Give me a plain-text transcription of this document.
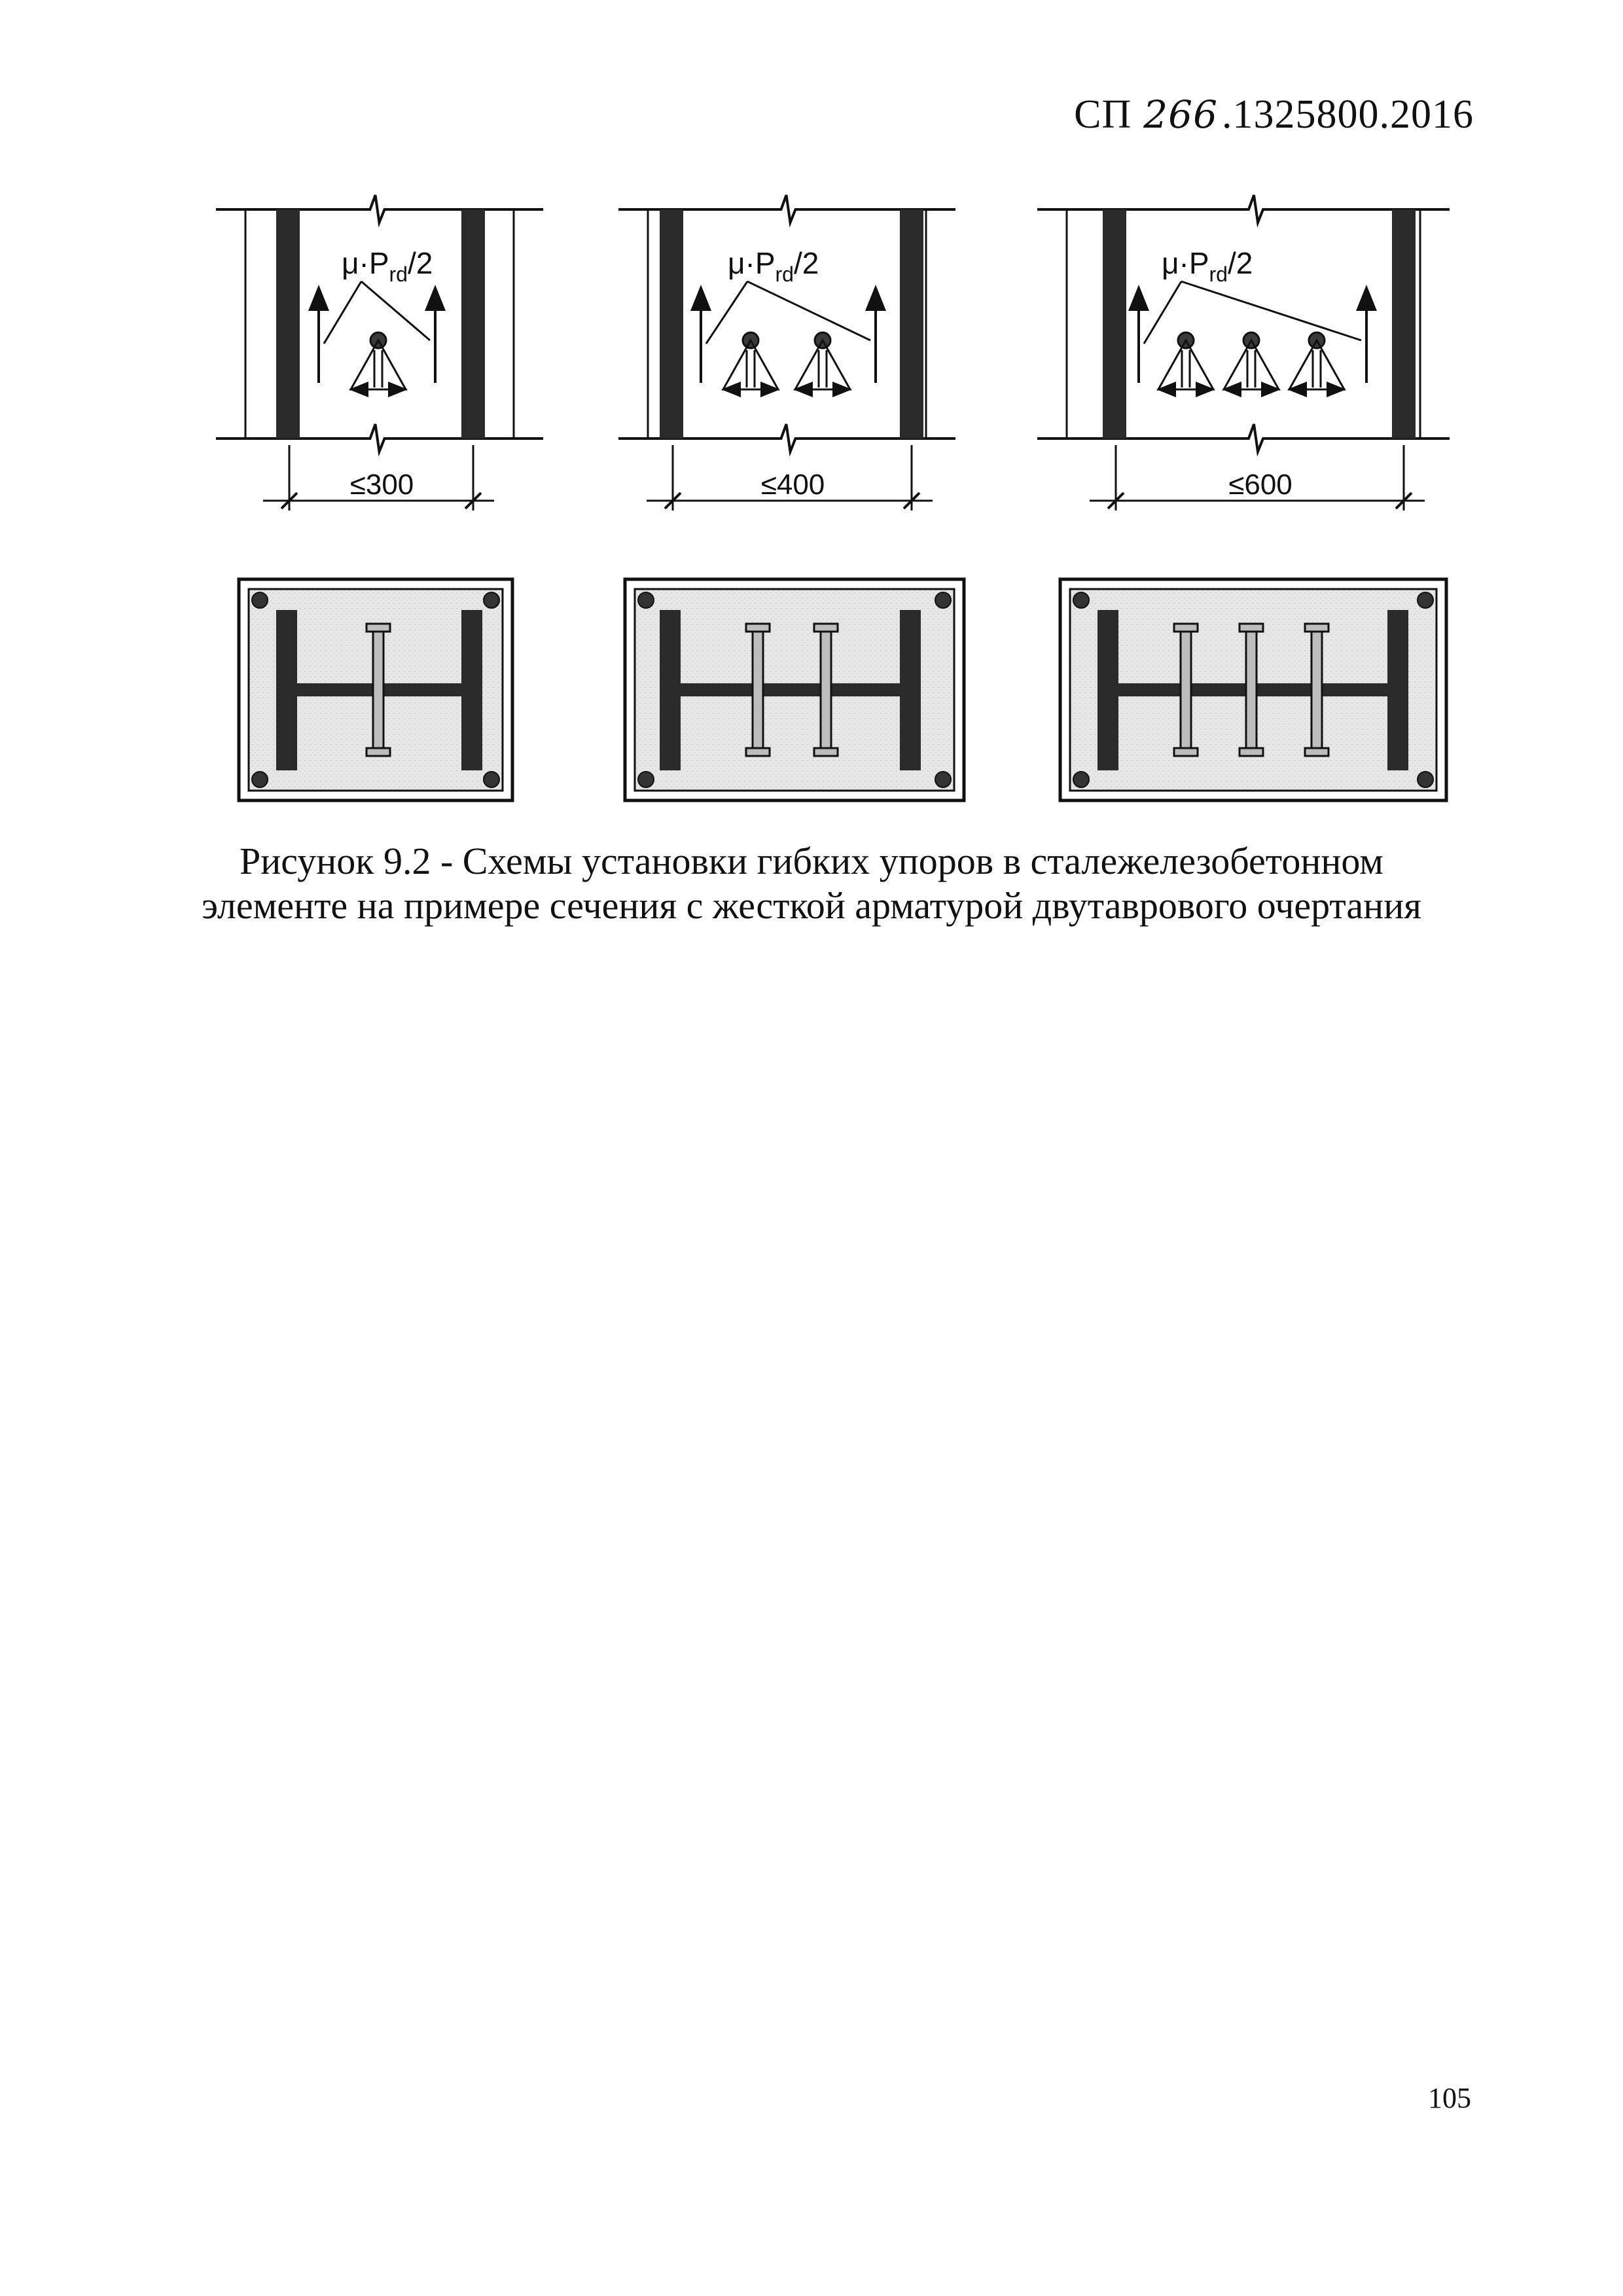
СП 266.1325800.2016
$\mu\cdot P_{rd}/2$
≤300
$\mu\cdot P_{rd}/2$
≤400
$\mu\cdot P_{rd}/2$
≤600
Рисунок 9.2 - Схемы установки гибких упоров в сталежелезобетонном
элементе на примере сечения с жесткой арматурой двутаврового очертания
105
